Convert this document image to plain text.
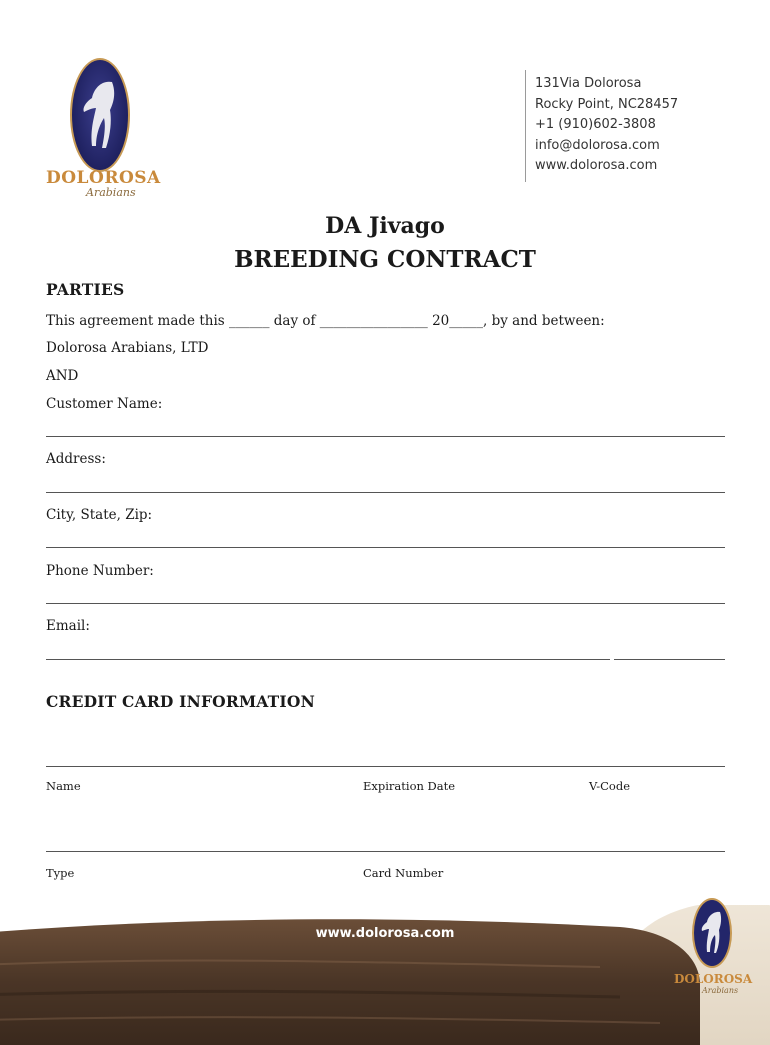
DOLOROSA
Arabians
131Via Dolorosa
Rocky Point, NC28457
+1 (910)602-3808
info@dolorosa.com
www.dolorosa.com
DA Jivago
BREEDING CONTRACT
PARTIES
This agreement made this ______ day of ________________ 20_____, by and between:
Dolorosa Arabians, LTD
AND
Customer Name:
Address:
City, State, Zip:
Phone Number:
Email:
CREDIT CARD INFORMATION
Name	Expiration Date	V-Code
Type	Card Number
www.dolorosa.com
DOLOROSA
Arabians
